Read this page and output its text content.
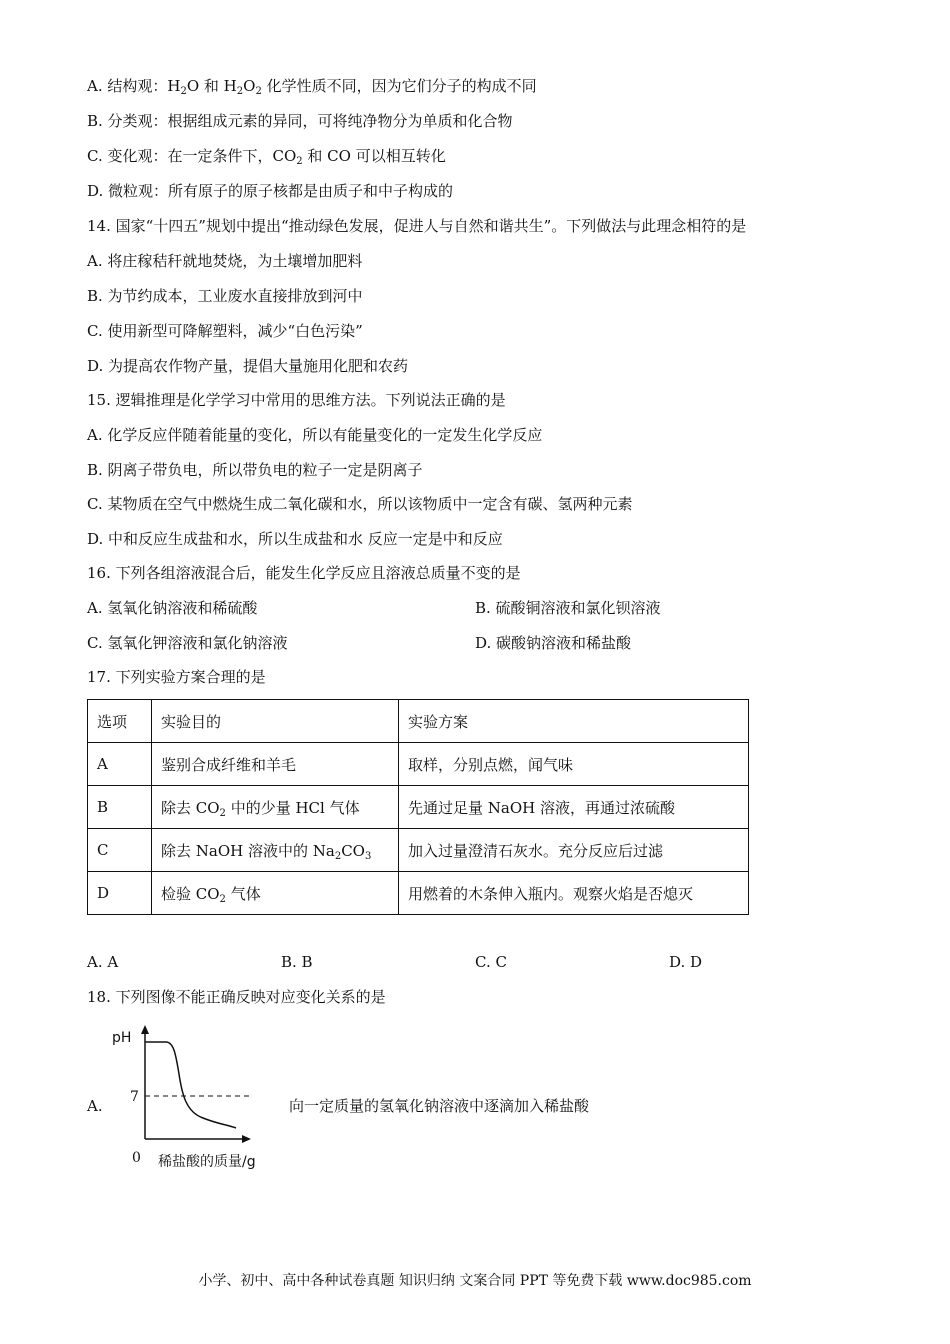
A. 结构观：$H_2O$ 和 $H_2O_2$ 化学性质不同，因为它们分子的构成不同
B. 分类观：根据组成元素的异同，可将纯净物分为单质和化合物
C. 变化观：在一定条件下，$CO_2$ 和 CO 可以相互转化
D. 微粒观：所有原子的原子核都是由质子和中子构成的
14. 国家“十四五”规划中提出“推动绿色发展，促进人与自然和谐共生”。下列做法与此理念相符的是
A. 将庄稼秸秆就地焚烧，为土壤增加肥料
B. 为节约成本，工业废水直接排放到河中
C. 使用新型可降解塑料，减少“白色污染”
D. 为提高农作物产量，提倡大量施用化肥和农药
15. 逻辑推理是化学学习中常用的思维方法。下列说法正确的是
A. 化学反应伴随着能量的变化，所以有能量变化的一定发生化学反应
B. 阴离子带负电，所以带负电的粒子一定是阴离子
C. 某物质在空气中燃烧生成二氧化碳和水，所以该物质中一定含有碳、氢两种元素
D. 中和反应生成盐和水，所以生成盐和水 反应一定是中和反应
16. 下列各组溶液混合后，能发生化学反应且溶液总质量不变的是
A. 氢氧化钠溶液和稀硫酸	B. 硫酸铜溶液和氯化钡溶液
C. 氢氧化钾溶液和氯化钠溶液	D. 碳酸钠溶液和稀盐酸
17. 下列实验方案合理的是
选项	实验目的	实验方案
A	鉴别合成纤维和羊毛	取样，分别点燃，闻气味
B	除去 $CO_2$ 中的少量 HCl 气体	先通过足量 NaOH 溶液，再通过浓硫酸
C	除去 NaOH 溶液中的 $Na_2CO_3$	加入过量澄清石灰水。充分反应后过滤
D	检验 $CO_2$ 气体	用燃着的木条伸入瓶内。观察火焰是否熄灭
A. A	B. B	C. C	D. D
18. 下列图像不能正确反映对应变化关系的是
A.
pH
7
0 稀盐酸的质量/g
向一定质量的氢氧化钠溶液中逐滴加入稀盐酸
小学、初中、高中各种试卷真题 知识归纳 文案合同 PPT 等免费下载 www.doc985.com
